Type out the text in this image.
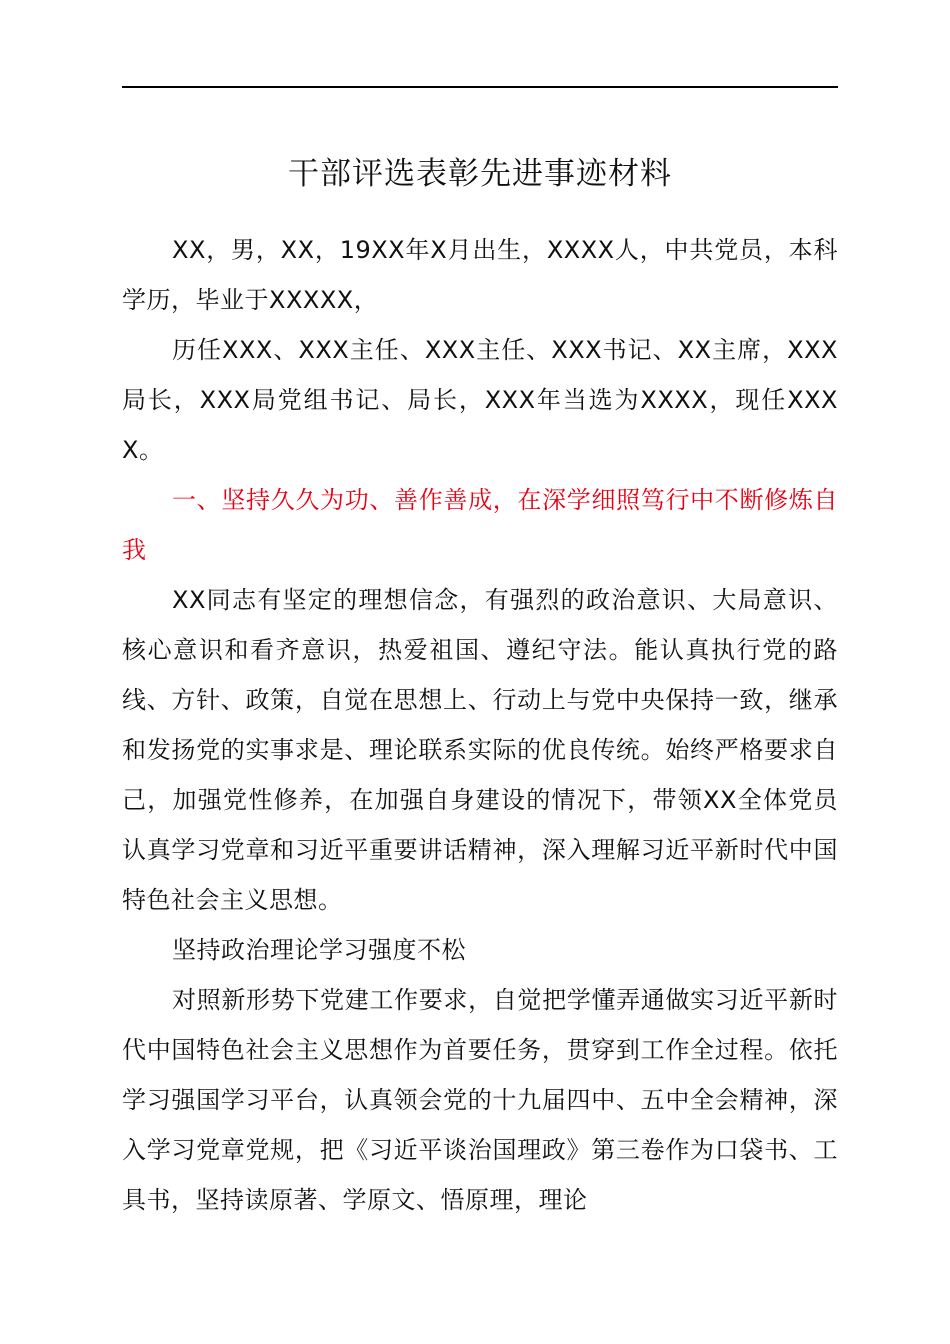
干部评选表彰先进事迹材料

XX，男，XX，19XX年X月出生，XXXX人，中共党员，本科学历，毕业于XXXXX，

历任XXX、XXX主任、XXX主任、XXX书记、XX主席，XXX局长，XXX局党组书记、局长，XXX年当选为XXXX，现任XXXX。

一、坚持久久为功、善作善成，在深学细照笃行中不断修炼自我

XX同志有坚定的理想信念，有强烈的政治意识、大局意识、核心意识和看齐意识，热爱祖国、遵纪守法。能认真执行党的路线、方针、政策，自觉在思想上、行动上与党中央保持一致，继承和发扬党的实事求是、理论联系实际的优良传统。始终严格要求自己，加强党性修养，在加强自身建设的情况下，带领XX全体党员认真学习党章和习近平重要讲话精神，深入理解习近平新时代中国特色社会主义思想。

坚持政治理论学习强度不松

对照新形势下党建工作要求，自觉把学懂弄通做实习近平新时代中国特色社会主义思想作为首要任务，贯穿到工作全过程。依托学习强国学习平台，认真领会党的十九届四中、五中全会精神，深入学习党章党规，把《习近平谈治国理政》第三卷作为口袋书、工具书，坚持读原著、学原文、悟原理，理论
